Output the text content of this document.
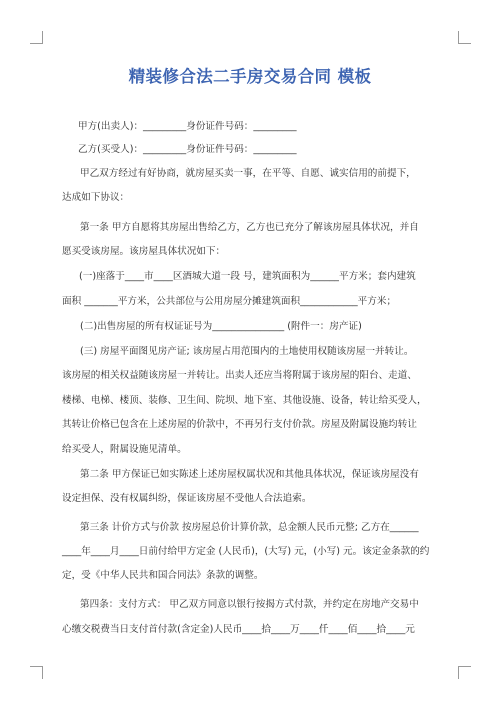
精装修合法二手房交易合同 模板
甲方(出卖人)：_________身份证件号码：_________
乙方(买受人)：_________身份证件号码：_________
甲乙双方经过有好协商，就房屋买卖一事，在平等、自愿、诚实信用的前提下，
达成如下协议：
第一条 甲方自愿将其房屋出售给乙方，乙方也已充分了解该房屋具体状况，并自
愿买受该房屋。该房屋具体状况如下：
(一)座落于____市____区酒城大道一段 号，建筑面积为______平方米；套内建筑
面积 _______平方米，公共部位与公用房屋分摊建筑面积____________平方米；
(二)出售房屋的所有权证证号为_______________ (附件一：房产证)
(三) 房屋平面图见房产证; 该房屋占用范围内的土地使用权随该房屋一并转让。
该房屋的相关权益随该房屋一并转让。出卖人还应当将附属于该房屋的阳台、走道、
楼梯、电梯、楼顶、装修、卫生间、院坝、地下室、其他设施、设备，转让给买受人，
其转让价格已包含在上述房屋的价款中，不再另行支付价款。房屋及附属设施均转让
给买受人，附属设施见清单。
第二条 甲方保证已如实陈述上述房屋权属状况和其他具体状况，保证该房屋没有
设定担保、没有权属纠纷，保证该房屋不受他人合法追索。
第三条 计价方式与价款 按房屋总价计算价款，总金额人民币元整; 乙方在______
____年____月____日前付给甲方定金 (人民币)，(大写) 元，(小写) 元。该定金条款的约
定，受《中华人民共和国合同法》条款的调整。
第四条：支付方式： 甲乙双方同意以银行按揭方式付款，并约定在房地产交易中
心缴交税费当日支付首付款(含定金)人民币____拾____万____仟____佰____拾____元
